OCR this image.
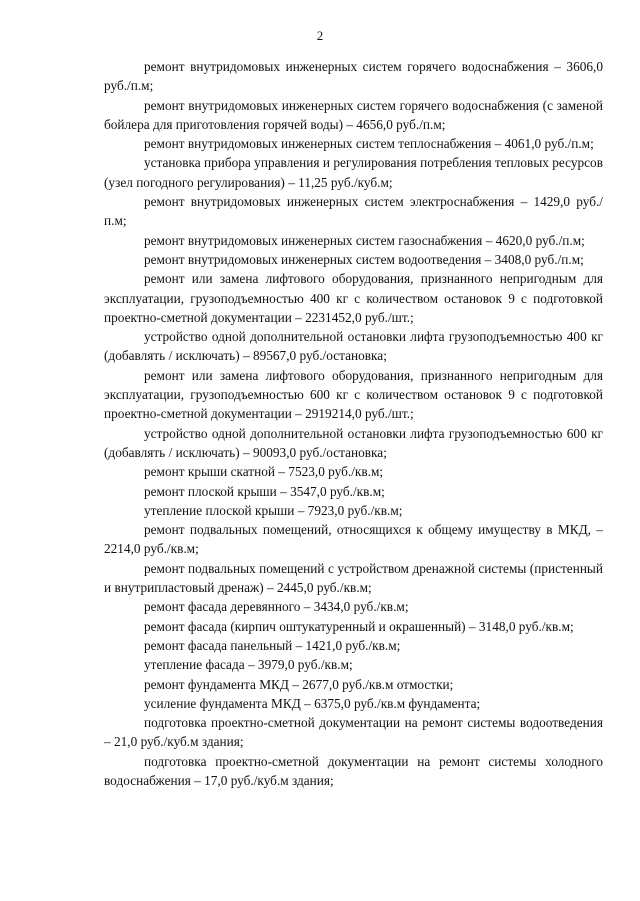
2

ремонт внутридомовых инженерных систем горячего водоснабжения – 3606,0 руб./п.м;

ремонт внутридомовых инженерных систем горячего водоснабжения (с заменой бойлера для приготовления горячей воды) – 4656,0 руб./п.м;

ремонт внутридомовых инженерных систем теплоснабжения – 4061,0 руб./п.м;

установка прибора управления и регулирования потребления тепловых ресурсов (узел погодного регулирования) – 11,25 руб./куб.м;

ремонт внутридомовых инженерных систем электроснабжения – 1429,0 руб./п.м;

ремонт внутридомовых инженерных систем газоснабжения – 4620,0 руб./п.м;

ремонт внутридомовых инженерных систем водоотведения – 3408,0 руб./п.м;

ремонт или замена лифтового оборудования, признанного непригодным для эксплуатации, грузоподъемностью 400 кг с количеством остановок 9 с подготовкой проектно-сметной документации – 2231452,0 руб./шт.;

устройство одной дополнительной остановки лифта грузоподъемностью 400 кг (добавлять / исключать) – 89567,0 руб./остановка;

ремонт или замена лифтового оборудования, признанного непригодным для эксплуатации, грузоподъемностью 600 кг с количеством остановок 9 с подготовкой проектно-сметной документации – 2919214,0 руб./шт.;

устройство одной дополнительной остановки лифта грузоподъемностью 600 кг (добавлять / исключать) – 90093,0 руб./остановка;

ремонт крыши скатной – 7523,0 руб./кв.м;

ремонт плоской крыши – 3547,0 руб./кв.м;

утепление плоской крыши – 7923,0 руб./кв.м;

ремонт подвальных помещений, относящихся к общему имуществу в МКД, – 2214,0 руб./кв.м;

ремонт подвальных помещений с устройством дренажной системы (пристенный и внутрипластовый дренаж) – 2445,0 руб./кв.м;

ремонт фасада деревянного – 3434,0 руб./кв.м;

ремонт фасада (кирпич оштукатуренный и окрашенный) – 3148,0 руб./кв.м;

ремонт фасада панельный – 1421,0 руб./кв.м;

утепление фасада – 3979,0 руб./кв.м;

ремонт фундамента МКД – 2677,0 руб./кв.м отмостки;

усиление фундамента МКД – 6375,0 руб./кв.м фундамента;

подготовка проектно-сметной документации на ремонт системы водоотведения – 21,0 руб./куб.м здания;

подготовка проектно-сметной документации на ремонт системы холодного водоснабжения – 17,0 руб./куб.м здания;
